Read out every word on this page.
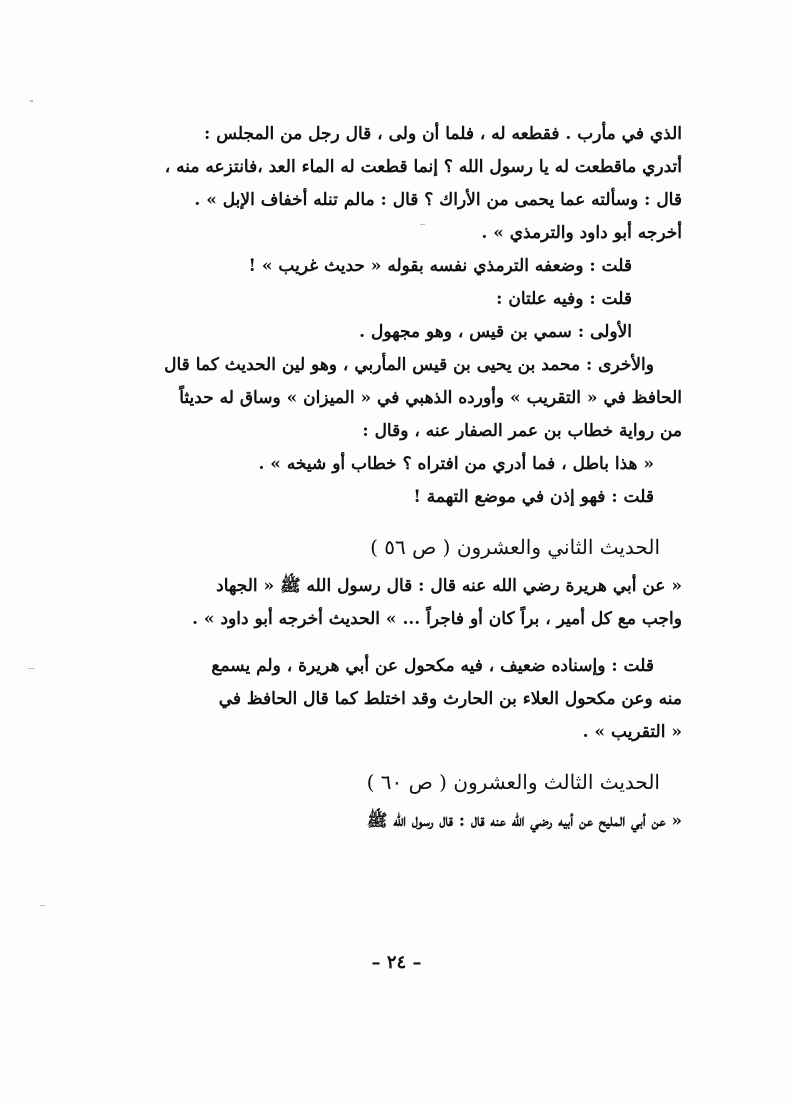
الذي في مأرب . فقطعه له ، فلما أن ولى ، قال رجل من المجلس :
أتدري ماقطعت له يا رسول الله ؟ إنما قطعت له الماء العد ،فانتزعه منه ،
قال : وسألته عما يحمى من الأراك ؟ قال : مالم تنله أخفاف الإبل » .
أخرجه أبو داود والترمذي » .
قلت : وضعفه الترمذي نفسه بقوله « حديث غريب » !
قلت : وفيه علتان :
الأولى : سمي بن قيس ، وهو مجهول .
والأخرى : محمد بن يحيى بن قيس المأربي ، وهو لين الحديث كما قال
الحافظ في « التقريب » وأورده الذهبي في « الميزان » وساق له حديثاً
من رواية خطاب بن عمر الصفار عنه ، وقال :
« هذا باطل ، فما أدري من افتراه ؟ خطاب أو شيخه » .
قلت : فهو إذن في موضع التهمة !
الحديث الثاني والعشرون ( ص ٥٦ )
« عن أبي هريرة رضي الله عنه قال : قال رسول الله ﷺ « الجهاد
واجب مع كل أمير ، براً كان أو فاجراً ... » الحديث أخرجه أبو داود » .
قلت : وإسناده ضعيف ، فيه مكحول عن أبي هريرة ، ولم يسمع
منه وعن مكحول العلاء بن الحارث وقد اختلط كما قال الحافظ في
« التقريب » .
الحديث الثالث والعشرون ( ص ٦٠ )
« عن أبي المليح عن أبيه رضي الله عنه قال : قال رسول الله ﷺ
– ٢٤ –
